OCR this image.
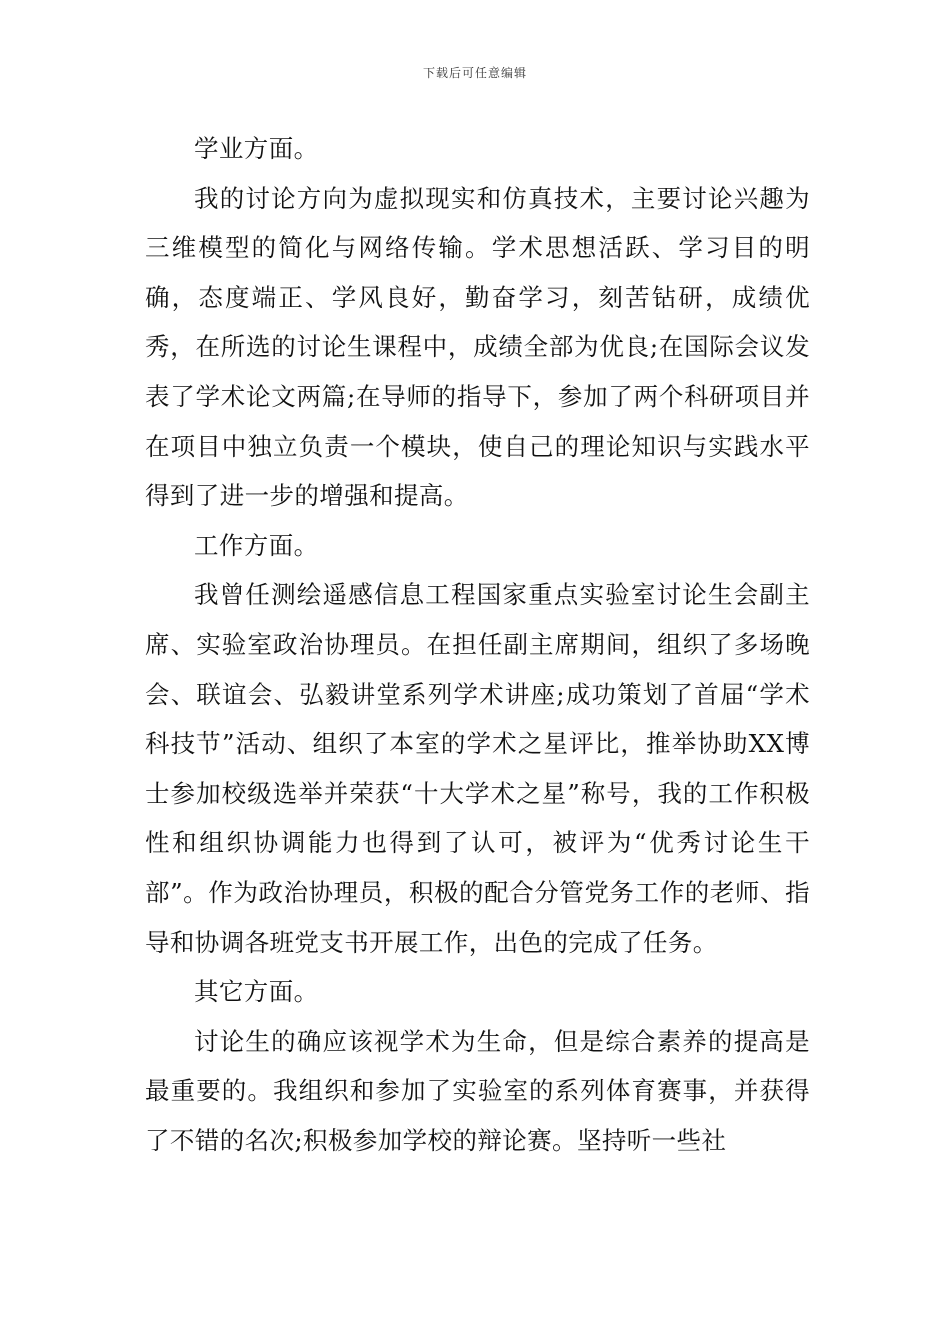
下载后可任意编辑

学业方面。

我的讨论方向为虚拟现实和仿真技术，主要讨论兴趣为三维模型的简化与网络传输。学术思想活跃、学习目的明确，态度端正、学风良好，勤奋学习，刻苦钻研，成绩优秀，在所选的讨论生课程中，成绩全部为优良;在国际会议发表了学术论文两篇;在导师的指导下，参加了两个科研项目并在项目中独立负责一个模块，使自己的理论知识与实践水平得到了进一步的增强和提高。

工作方面。

我曾任测绘遥感信息工程国家重点实验室讨论生会副主席、实验室政治协理员。在担任副主席期间，组织了多场晚会、联谊会、弘毅讲堂系列学术讲座;成功策划了首届“学术科技节”活动、组织了本室的学术之星评比，推举协助XX博士参加校级选举并荣获“十大学术之星”称号，我的工作积极性和组织协调能力也得到了认可，被评为“优秀讨论生干部”。作为政治协理员，积极的配合分管党务工作的老师、指导和协调各班党支书开展工作，出色的完成了任务。

其它方面。

讨论生的确应该视学术为生命，但是综合素养的提高是最重要的。我组织和参加了实验室的系列体育赛事，并获得了不错的名次;积极参加学校的辩论赛。坚持听一些社
